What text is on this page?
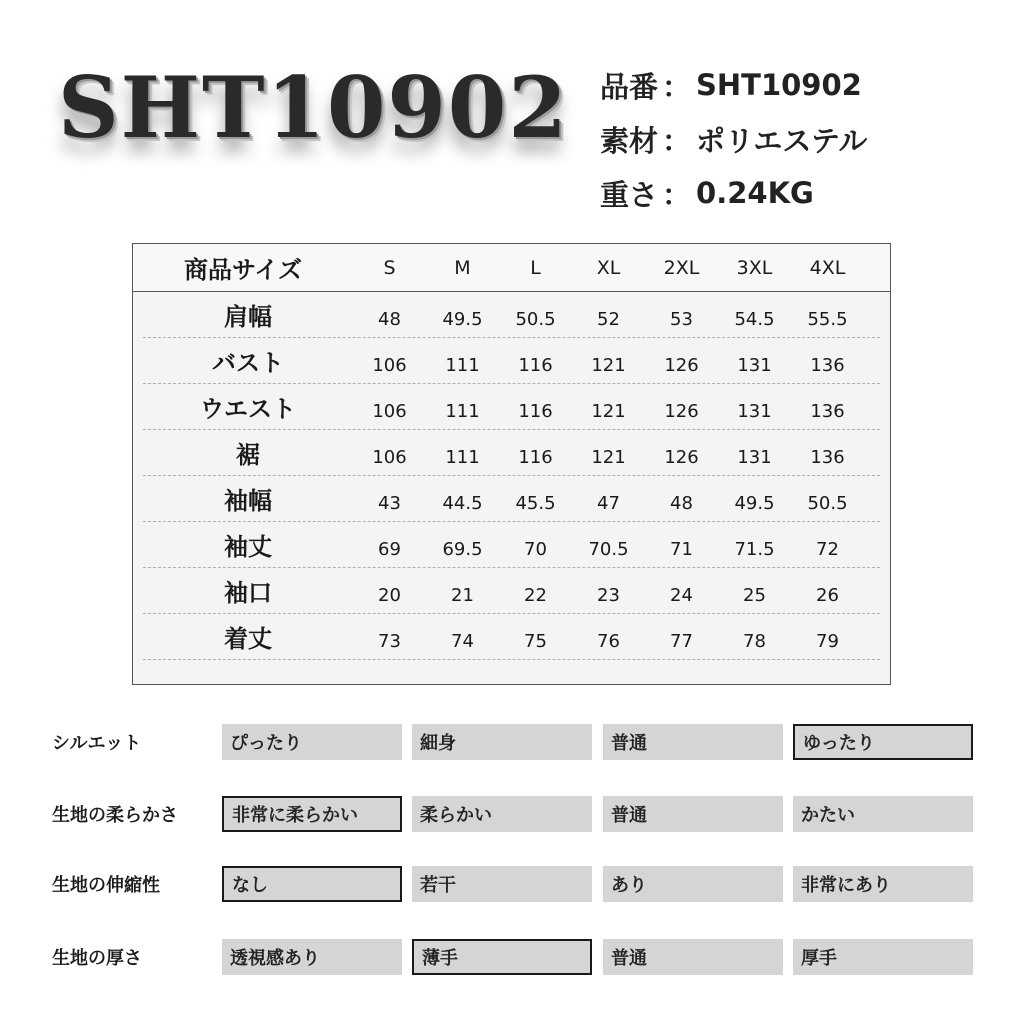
SHT10902 品番 ： SHT10902
素材 ： ポリエステル
重さ ： 0.24KG
商品サイズ	S	M	L	XL	2XL	3XL	4XL
肩幅	48	49.5	50.5	52	53	54.5	55.5
バスト	106	111	116	121	126	131	136
ウエスト	106	111	116	121	126	131	136
裾	106	111	116	121	126	131	136
袖幅	43	44.5	45.5	47	48	49.5	50.5
袖丈	69	69.5	70	70.5	71	71.5	72
袖口	20	21	22	23	24	25	26
着丈	73	74	75	76	77	78	79
シルエット	ぴったり	細身	普通	ゆったり
生地の柔らかさ	非常に柔らかい	柔らかい	普通	かたい
生地の伸縮性	なし	若干	あり	非常にあり
生地の厚さ	透視感あり	薄手	普通	厚手
